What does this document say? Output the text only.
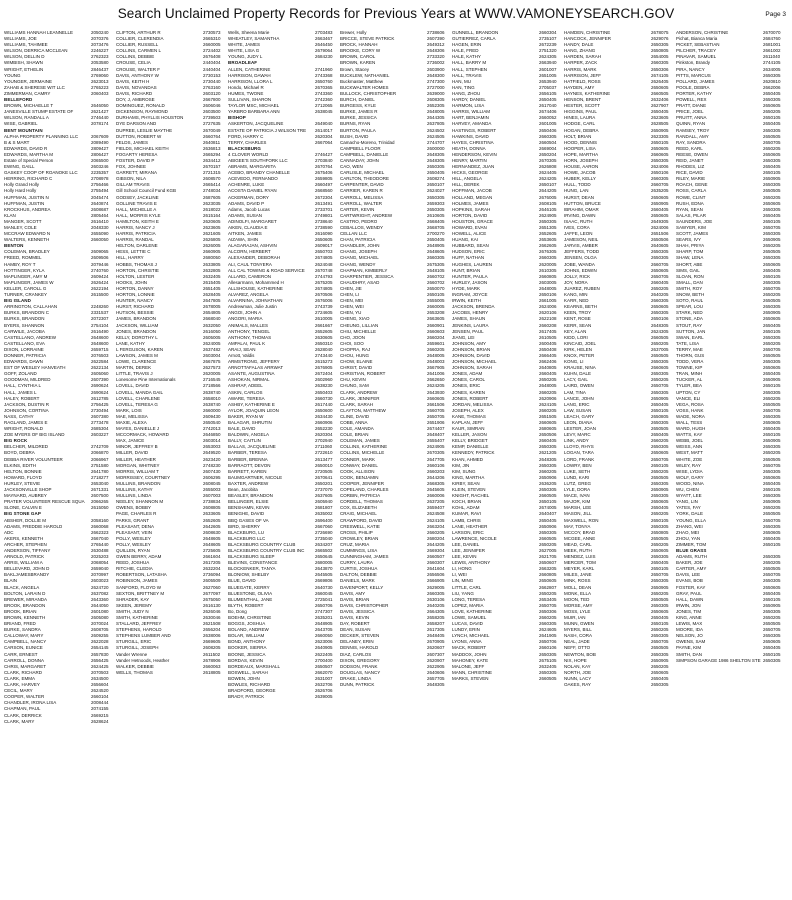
Search Unclaimed Property Records for Previous Years at WWW.VAMONEYSEARCH.GOV	Page 3
WILLIAMS HANNAH LEANNELLE	2050240
WILLIAMS, JOE	2070376
WILLIAMS, TAHIMEE	2073476
WILSON, DERRICA MCCLEAN	2246227
WILSON, DELLIN D	2762323
WIMBISH, SHAWN	2053580
WRIGHT, ETHELIN	2846437
YOUNG	2769060
YOUNGER, JERMAINE	2623013
ZAHAB & SHERESE WIT LLC	2765223
ZIMMERMAN, CAMRY	2060403
BELLEFORD
BROWN, MICHAELLE T	2646050
JANESVILLE STUMP ESTATE OF	2621427
WILSON, RANDALL A	2746440
WISE, GABRIEL	2078174
BENT MOUNTAIN
ALPHA PROPERTY PLANNING LLC	2067609
B & S MART	2089490
EDWARDS, DAVID R	2809427
EDWARDS, MARTHA M	2806427
Estate of Special Person	2065500
EWING, GAILL	2603246
GASKEY COOP OF ROANOKE LLC	2235357
HERRING, RICHARD C	2708978
Holly Grand Holly	2756466
Holly Hard Holly	2755494
HUFFMAN, JUSTIN N	2045474
HUFFMAN, JUSTIN	2640874
KROCKHUS, ANDREA	2608687
KLAN	2805464
MANGER, SCOTT	2616410
MANLEY, COLE	2048330
MCCRAW EDWARD N	2655090
WALTERS, KENNETH	2660050
BENTON
COLEMAN, BRADLEY	2609065
FREED, ROMMEL	2609506
HAMBY, ROY T	2079446
HOTTINGER, KYLA	2740760
MAPLINGER, AMY M	2609424
MAPLINGER, JAMES W	2626424
KELLER, CAROLL G	2622194
TURNER, CRANKEY	2615500
BIG ISLAND
ARRINGTON, CALLAHAN	2248260
BURKS, BRANDON C	2331537
BURKS, BRANDON	2072307
BYERS, SHANNON	2754104
CARWILE, JACOBA	2616490
CASTELLANO, ANDREW	2648600
CASTELLANO, EVA	2648600
DIXON, LORRAINE	2659715
DONNER, PATRICIA	2076503
EDWARDS, DAWN	2622584
EST OF WESLEY HANVEATH	2622134
GOFF, ZOLAND	2605060
GOODMAN, MILDRED	2607390
HALL, CYNTHIA L	2690624
HALL, JAMES L	2690624
HALEY, ROBERT	2612785
JACKSON, DUSTIN R	2756425
JOHNSON, CORTINA	2730494
NASS, CATHY	2607380
RAGLAND, JAMES E	2773478
WRIGHT, RONALD	2685304
ZOE MYERS OF BIG ISLAND	2603227
BIG ROCK
BELCHER, MILDRED	2742709
BOYD, DEBRA	2066870
DEBBA RIVER VOLUNTEER	2066967
ELKINS, EDITH	2751580
HELTON, BONNIE	2641780
HOWARD, FLOYD	2718277
HURLEY, STEVIE	2653040
JACKSONVILLE SHOP	2671331
MAYNARD, AUBREY	2607500
PRATER VOLUNTEER RESCUE SQUA	2066265
SLONE, CALVIN E	2615050
BIG STONE GAP
ABSHER, DOLLIE M	2058160
ADAMS, FREDDIE HAROLD	2660068
ADC	2662323
AKERS, KENNETH	2667040
ARCHER, STEPHEN	2765440
ANDERSON, TIFFANY	2630488
ARNOLD, PATRICK	2025203
ARRIS, WILLIAM A	2068054
BELLEVARD, JOHN D	2659040
BAKLJAMESBRANDY	2070997
BLAIN	2603023
BLACK, ANGELA	2624720
BOLTON, LARAIN D	2637082
BREWER, MIRANDA	2643360
BROOK, BRANDON	2644050
BROOK, BRIAN	2601080
BROWN, KENNETH	2605080
BRIAND, FRED	2070024
BURKE, SANDRA	2608705
CALLOWAY, MARY	2609255
CAMPBELL, NANCY	2622028
CARSON, EUNICE	2654145
CARR, ERNEST	2657830
CARROLL, DONNA	2656425
CHRIS, MARGARET	2624425
CLARK, RICHARD	2070503
CLARK, EMMA	2634500
CLARK, HARVEY	2656604
CECIL, MARY	2624520
COOPER, WALTER	2660104
CHANDLER, IRONA LISA	2008444
CHAPMAN, PAUL	2074155
CLARK, DERRICK	2669215
CLARK, MARY	2628624
CLIFTON, ARTHUR R	2730573
COLLIER, CLERENDIA	2665310
COLLIER, RUSSELL	2660005
COLLINS, CARMEN L	2724402
COLLINS, DEBBIE	2676408
CROUSE, CELIA	2440404
CROUSE, WALTER F	2440404
DAVIS, ANTHONY W	2730153
DAVIS, KEITH H	2730440
DAVIS, NOVANDAS	2763160
DAVIS, RICHARD	2603120
DOY, J, AMBROSE	2667800
DOMINGUEZ, RONALD	2606046
DICKENSON, RAYMOND	2603500
DURHAMS, PHYLLIS HOUSTON	2739503
DYE DARSON AND	2727635
DUPREE, LESLIE MAYTHE	2670049
DUTTON, ROBERT W	2660764
FELDS, JAMES	2640811
FIELDS, MICHAEL KEITH	2636813
FOGARTY HERESA	2665294
FOSTER, DAVID P	2634412
FOX, JOHNEE	2670157
GARRETT, MIRANA	2721315
GIBSON, NILA	2608570
GILLAM TRAVIS	2665414
Gill School Council Fund KGB	2748034
GODSEY, JACKLINE	2687605
GOLLINE TRAVIS E	2623035
HALL, MICHELLE A	2618022
HALL, MORRIS KYLE	2615164
HAMILTON, KEITH E	2620605
HARRIS, NANCY J	2623605
HARRIS, PATRICIA	2621605
HARRIS, RANDAL	2626805
HELTON, DARLENE	2626005
HESS, LETTIE C	2660905
HILL, HARRY	2680050
HOBBS, THOMAS J	2633805
HORTON, CHRISTIE	2632805
HOLTON, LESTER	2632405
HOOKS, JOHN	2615405
HORTON, DANNY	2651405
HORTON, LONNIE	2628405
HUNTER, NANCY	2647805
HURST, RICHARD	2678005
HUTSON, BESSIE	2654805
JAMES, BRANDON	2668040
JACKSON, WILLIAM	2632050
JONES, BRANDON	2616050
KELLY, DOROTHY L	2605005
LANE, KATHY	2624005
L FERGUSON, KAREN	2637482
LAWSON, JAMES M	2603004
LOWE, CLARENCE	2667875
MARTIN, DEREK	2627573
LITTLE, TRAVIS J	2620005
Lonesome Pine Internationals	2716545
LOVELL, DAVID	2718566
LOVELL, MANDA GAIL	2638740
LOVELL, CHARLENE	2658010
LOVELL, TERESA G	2638740
MARK, LOIS	2660000
MAE, MELISSA	2609430
MAXIE, ALEXA	2650540
MAYES, DANIELLE J	2742013
MCCORMACK, HOWARD	2646850
MAX, JANICE	2603014
MINOR, JEFFREY B	2653003
MILLER, DAVID	2649520
MILLER, HEATHER	2623420
MORGAN, WHITNEY	2748230
MORRIS, WILLIAM T	2607430
MORRISSEY, COURTNEY	2606295
MULLINS, BRANDON	2608045
MULLINS, KATHY	2655003
MULLINS, LINDA	2607003
NEELEY, SHANNON M	2738834
OWENS, BOBBY	2608805
PAGE, CHARLES R	2633605
PARKS, GRANT	2652605
PLEASANT, DENA	2642605
PLEASANT, VEIN	2608630
POLLY, WESLEY	2648605
POLLY, WESLEY	2648605
QUILLEN, RYAN	2725605
GWEN BERRY, ADAM	2661604
REED, JOSHUA	2617205
RITCHIE, CLEDIA	2632204
ROBERTSON, LATASHA	2736094
ROBINSON, JAMES	2605509
SANFORD, FLOYD W	2627060
SEXTON, BRITTNEY M	2677097
SHRADER, KAY	2675050
SKEEN, JEREMY	2616130
SMITH, JUDY N	2626046
SMITH, KATHERINE	2630046
STALLARD, JEFFREY	2621508
STEPHENS, HAROLD	2656204
STEPHENS LUMBER AND	2638006
STURGILL, ERIC	2669605
STURGILL, JOSEPH	2608205
Vander Wrenne	2611502
Vander Hetnoods, Heather	2678906
WALKER, DEBBIE	2660063
WELLS, THOMAS	2618805
Wells, Sheena Marie	2703483
WHEATLEY, SAMANTHA	2663467
WHITE, JAMES	2646450
WHITE, LISA G	2679064
YOUNG, JUDY L	2684230
BROADLEAF
ALLEN, CATHERINE	2741960
HARRISON, DAWAH	2743368
HARRISON, LLORA L	2650760
Hondo, Michael R	2670365
HUMES, TWONE	2743360
SULLIVAN, SHARON	2742360
TAYLOR MSC, MICHAEL	2712065
YARBRO BARBARA ANN	2638045
BISHOP
ASKERTON, JACQUELINE	2649040
ESTATE OF PATRICIA J WILSON TRE	2614017
FORD, HARRY C	2620304
TERRY, CHARLES	2667064
BLACKSBURG
4 CLOVER WORLD	2746427
ABIGEE'S SOUTHFORK LLC	2703840
ABRAMS, MARGARITA	2670764
ACEBO, BRANDY CHANELLE	2675406
ACEVEDO, FERNANDO	2659805
ACHENRE, LUKE	2660497
ACOSTA DANIEL RYAN	2668560
ACKERMAN, DORY	2672304
ADAMS, DAVID P	2613491
Adams, Jacob Lucas	2733701
ADAMS, SUSAN	2749801
ADINOLFI, MARGARET	2738640
AIKEN, CLAUDIA E	2738590
AITKEN, JAMES	2616090
AIZAWA, SHIN	2650605
ALAGARAJAN, ASHVIN	2609017
ALCORN, HERBERT	2650703
ALEXANDER, DEBORAH	2674805
ALI, CAUL TONYERA	2624048
ALL CAL TOWING & ROAD SERVICE	2670748
ALLARD, CAMERON	2744793
Allesarmann, Mohammed H	2675205
ALLSHOUSE, KATHERINE	2674805
ALVAREZ, ANGELA	2670506
ALVARNINA, JOHNATHAN	2676006
Andrewman, Julie Justin	2743739
ANGOI, JOHN A	2724605
ANGORI, MARIA	2610005
ANIMALS, MALLES	2661667
ANTHONY, TENGEL	2652605
ANTHONY, THOMAS	2630605
AMPALAI, PAUL K	2650310
ARAIJ, SEAN	2628040
Arnott, Valdis	2743440
ARMSTRONG, JEFFERY	2615273
ARNOTTAFALAS ARRWAT	2676905
ASANTE, AUGUSTINA	2672404
ASHOKAN, NIRMAL	2602960
ASHRAF, ADEEL	2638230
ASKIN, CARLOS	2650403
AWARE, TERESA	2660730
ASHBY, KATHERINE E	2617440
AYLOR, JOAQUIN LEON	2650600
BAKER, RYAN W	2634430
BALAGAR, SHRUTIN	2660906
BALE, DAVID	2652230
BALDWIN, ANGELA	2620304
BALLY, CAITLIN	2702940
BALLAS, JACQUELINE	2711060
BARBER, TERESA	2722610
BARBER, BRENNA	2613477
BARRAOTT, DEVON	2650010
BARRETT, KAREN	2720505
BAUMGARTNER, NICOLE	2670641
BAXTER, ANDREW	2650201
Bean, Jacobita	2737070
BEASLEY, BRANDON	2637605
BELLINGER, ELSIE	2605940
BENSHAMN, KEVIN	2681807
BENIGHE, DAVID	2635002
BBQ GASES OF VA	2696400
BIRD, SHERRY	2667060
BLACKBURG, LU	2726690
BLACKBURG LLC	2735040
BLACKSBURG COUNTRY CLUB	2634207
BLACKSBURG COUNTRY CLUB INC	2665502
BLACKSBURG SLEEP	2650645
BLEVINS, CONSTANCE	2680005
BLOCKENKER, TANYA	2643870
BLONIOW, SHELBY	2645505
BLUE, DAVID	2669806
BLUEGATE, KERRY	2640730
BLUESTONE, OLIVIA	2660045
BLUMENTHAL, JANE	2725041
BLYTH, ROBERT	2650706
Bo, Dong	2747307
BOEHM, CHRISTINE	2635201
BOGGS, JOSHUA	2648905
BOLAND, ANDREW	2643705
BOLAR, WILLIAM	2660050
BOND, ANTHONY	2623006
BOOKER, SIERRA	2640905
BOONE, JESSICA	2622405
BORDAS, KEVIN	2700400
BORDEAUX, MARSHALL	2650507
BOSWELL, SARAH	2662070
BOWEN, JOHN	2631007
BOWLES, RICHARD	2632706
BRADFORD, GEORGE	2626706
BRADY, PATRICK	2639005
Brewer, Holly	2738606
BRICCE, STEVE PATRICK	2607390
BROCK, HANNAH	2649312
BROOKE, CORY W	2648306
BROWN, CAROL	2733320
BROWN, KAREN	2736002
Brown, Stacey	2603900
BUCKLEW, NATHANIEL	2648300
Buckmaster, Matthew	2747300
BUCKWALTER HOMES	2727000
BULLOCK, CHRISTOPHER	2639000
BURCH, DANIEL	2608305
BURGESS, KYLE	2652305
BURKE, JAMES R	2648005
BURKE, JESSICA	2644305
BURNS, RYAN	2637805
BURTON, PAULA	2624502
BUSH, DAVID	2624505
Camacho-Moreno, Trinidad	2744707
CAMPBELL FLOOR	2600000
CAMPBELL, DANIELLE	2648305
CANNADAY, JOHN	2648305
CAO, WEN	2650305
CARLISLE, MICHAEL	2650405
CARLTON, THEODORE	2608274
CARPENTER, DAVID	2650107
CARRIER, KAREN R	2624027
CARROLL, MELISSA	2650305
CARROLL, WALTER	2659303
CARTER, KEVIN	2650305
CARTWRIGHT, ANDREW	2610605
CASTRO, PEDRO	2668405
CEBALLOS, WENDY	2668705
CELLAN LLC	2700270
CHAN, PATRICIA	2650405
CHANDLER, JOHN	2648905
CHANG, JOSEPH	2648605
CHANG, MICHAEL	2660305
CHANG, WENDY	2675305
CHAPMAN, KIMBERLY	2648105
CHARPENTIER, JESSICA	2660702
CHAUDHRY, ASAD	2660702
CHEN, JIE	2650070
CHEN, LI	2650105
CHEN, MEI	2655005
CHEN, WEI	2660005
CHEN, YU	2653208
CHENG, XIAO	2663605
CHEUNG, LILLIAN	2660901
CHIU, MICHELLE	2660603
CHO, JOON	2660204
CHOI, SOO	2659601
CHOPRA, RAJ	2660205
CHOU, HUNG	2648005
CHOW, ELAINE	2648003
CHRIST, DAVID	2667905
CHRISTIAN, ROBERT	2641006
CHU, KEVIN	2662650
CHUNG, SAM	2624205
CLARK, ANDREW	2643930
CLARK, JENNIFER	2660605
CLARK, SARAH	2661506
CLAYTON, MATTHEW	2660705
CLINE, DAVID	2650705
COBB, ANNA	2651906
COLE, AMANDA	2674407
COLE, BRIAN	2648407
COLEMAN, JAMES	2655407
COLLINS, KATHERINE	2624905
COLLINS, MICHELLE	2670305
CONNER, MARK	2647705
CONWAY, DANIEL	2660106
COOK, ALLISON	2660203
COOK, BENJAMIN	2644206
COOPER, JENNIFER	2668305
COPELAND, CHARLES	2645605
CORBIN, PATRICIA	2660006
CORDELL, THOMAS	2637205
COX, ELIZABETH	2659407
CRAIG, MICHAEL	2624508
CRAWFORD, DAVID	2624105
CRESWELL, KATIE	2663204
CROSS, PHILIP	2660205
CROWLEY, BRIAN	2680204
CRUZ, MARIA	2644205
CUMMINGS, LISA	2669304
CUNNINGHAM, JAMES	2660507
CURRY, LAURA	2660307
CURTIS, JOSHUA	2641604
DALTON, DEBBIE	2656506
DANIELS, MARK	2666905
DAVENPORT, KELLY	2629005
DAVIS, AMY	2660305
DAVIS, BRIAN	2630106
DAVIS, CHRISTOPHER	2640205
DAVIS, JESSICA	2664305
DAVIS, KEVIN	2658205
DAY, ROBERT	2658207
DEAN, SUSAN	2617305
DECKER, STEVEN	2648405
DELANEY, ERIN	2670905
DENNIS, HAROLD	2620607
DIAZ, CARLOS	2607307
DIXON, GREGORY	2620907
DODSON, FRANK	2622905
DOUGLAS, NANCY	2640606
DRAKE, LINDA	2657705
DUNN, PATRICK	2648305
GUNNELL, BRANDON	2660304
GUTIERREZ, CARLA	2735107
HAGEN, ERIN	2672239
HALE, FRED	2751320
HALE, KATHY	2624305
HALL, BARRY M	2663940
HALL, STEPHEN	2601007
HALL, TRAVIS	2651005
HAN, MU	2653940
HAN, TING	2705037
HANG, ZHOU	2656105
HARDY, DANIEL	2650405
HARMON, LISA	2617040
HARRIS, WILLIAM	2674406
HART, BENJAMIN	2660052
HARVEY, AMANDA	2601005
HASTINGS, ROBERT	2650406
HAWKINS, DAVID	2660305
HAYES, CHRISTINA	2660504
HEATH, DONNA	2669004
HENDERSON, KEVIN	2650204
HENRY, MARTIN	2670305
HERNANDEZ, JUAN	2626808
HICKS, GEORGE	2624405
HILL, ANGELA	2624205
HILL, DEREK	2650107
HOFFMAN, JACOB	2644205
HOLLAND, MEGAN	2676005
HOLMES, JAMES	2608105
HOPKINS, SARAH	2646105
HORTON, DAVID	2624905
HOUSTON, GRACE	2650305
HOWARD, EVAN	2651305
HOWELL, ALICE	2652605
HUANG, KAI	2653605
HUBBARD, SEAN	2662605
HUDSON, ERIC	2676305
HUFF, NATHAN	2660305
HUGHES, LAUREN	2620005
HUNT, BRIAN	2610305
HUNTER, PAULA	2660805
HURLEY, JASON	2603005
HYDE, MARK	2648005
INGRAM, JOYCE	2650106
IRWIN, KEITH	2661005
JACKSON, BRENDA	2624006
JACOBS, HENRY	2620106
JAMES, SHAUN	2622108
JENKINS, LAURA	2660208
JENSEN, PAUL	2617405
JIANG, LEI	2610505
JOHNSON, AMY	2600405
JOHNSON, BRIAN	2650408
JOHNSON, DAVID	2666405
JOHNSON, MICHAEL	2662406
JOHNSON, SARAH	2640805
JONES, ADAM	2660405
JONES, CAROL	2650205
JONES, ERIC	2648005
JONES, KAREN	2660205
JONES, ROBERT	2620906
JORDAN, MELISSA	2624105
JOSEPH, ALEX	2660205
KANE, THOMAS	2651505
KAPLAN, JEFF	2660605
KAUR, SIMRAN	2680605
KELLER, JASON	2650506
KELLY, BRIDGET	2660405
KEMP, DANIELLE	2650305
KENNEDY, PATRICK	2621205
KHAN, AHMED	2648305
KIM, JIN	2650305
KIM, SUNG	2660205
KING, MARTHA	2650906
KIRBY, SEAN	2636205
KLEIN, STEVEN	2650305
KNIGHT, RACHEL	2660505
KOCH, BRIAN	2650105
KOHL, ADAM	2674005
KUMAR, RAVI	2640407
LAMB, CHRIS	2650405
LANE, HEATHER	2650906
LARSON, ERIC	2650305
LAWRENCE, NICOLE	2660505
LEE, DANIEL	2650205
LEE, JENNIFER	2627005
LEE, KEVIN	2621705
LEWIS, ANTHONY	2650607
LI, HONG	2663205
LI, WEI	2660805
LIN, MING	2650605
LITTLE, CARL	2662807
LIU, YANG	2650205
LONG, TERESA	2653405
LOPEZ, MARIA	2650705
LOVE, KATHERINE	2650306
LOWE, SAMUEL	2660205
LUCAS, DAVID	2660305
LUNDY, ERIN	2624605
LYNCH, MICHAEL	2641905
LYONS, ANNA	2650706
MACK, ROBERT	2660106
MADDOX, JOHN	2650305
MAHONEY, KATE	2675105
MALONE, JEFF	2632405
MANN, CHRISTINE	2650305
MARKS, STEVEN	2660505
HAMDEN, CHRISTINE	2678075
HANCOCK, JENNIFER	2629076
HANDY, DALE	2650305
HANG, ZHANG	2650805
HARDEN, SARAH	2654005
HARPER, ZACK	2660305
HARRIS, MARK	2650306
HARRISON, JEFF	2674105
HATFIELD, ROSS	2626405
HAYDEN, AMY	2650605
HAYNES, KATHERINE	2660505
HENSON, BRENT	2632406
HESTER, SCOTT	2627907
HIGGINS, PAUL	2650405
HINES, LAURA	2623605
HODGE, CARL	2628505
HOGAN, DEBRA	2650905
HOLT, BRIAN	2623305
HOOD, DENNIS	2650105
HOOPER, LISA	2650605
HOPE, MARTHA	2660605
HORN, JOSEPH	2650305
HOUSE, AARON	2624006
HOWE, JACOB	2650106
HUBER, KELLY	2660305
HULL, TODD	2660705
HUNG, LAN	2635205
HURST, DEAN	2650605
HUTTON, BRUCE	2650905
IBRAHIM, OMAR	2660405
IRVING, DAWN	2650605
ISAAC, RUTH	2649305
IVES, CORA	2624006
JAFFE, LEON	2651506
JAMESON, NEIL	2650506
JARVIS, AMBER	2640605
JEFFERS, TODD	2650305
JENSEN, OLGA	2650305
JOBE, WANDA	2660705
JOHNS, EDWIN	2650605
JOLLY, RICK	2650705
JOY, NORA	2660405
JUAREZ, RUBEN	2650205
KANG, MIN	2640205
KARR, NED	2660305
KEARNS, BETH	2650605
KEEN, TROY	2650305
KENT, ROSE	2650106
KERR, SEAN	2648305
KEY, ALAN	2624305
KIDD, LORI	2660505
KINCAID, JOEL	2650205
KIRK, HELEN	2637005
KNOX, PETER	2650505
KONG, LI	2650305
KRAUSE, NINA	2660605
KUHN, DALE	2650305
LACY, GAIL	2650205
LAIRD, OWEN	2650705
LAM, TINA	2650305
LANCE, JOHN	2650905
LANG, ERIC	2650405
LAW, SUSAN	2650105
LEACH, GARY	2650805
LEON, DIANA	2650305
LESTER, JOAN	2650505
LEVY, MARC	2650405
LINK, ANDY	2660205
LLOYD, RHYS	2650305
LOGAN, TARA	2650605
LORD, FRANK	2650705
LOWRY, BEN	2650105
LUKE, SETH	2650205
LUND, KARI	2650505
LUTZ, GREG	2650305
LYLE, DORA	2650905
MACE, IVAN	2650305
MAJOR, KIM	2650605
MARSH, LEE	2650405
MASON, JILL	2650205
MAXWELL, RON	2650105
MAY, TONYA	2650305
MCCOY, BRAD	2650805
MCGEE, ANNE	2650505
MEAD, CARL	2650205
MEEK, RUTH	2650605
MENDEZ, LUIS	2650305
MERCER, TOM	2650405
MEYER, KARL	2650105
MILES, JANE	2650705
MINK, ROSS	2650305
MOLL, DEAN	2650905
MONK, ELLA	2650205
MOON, TED	2650505
MORSE, AMY	2650305
MOSS, LYLE	2650605
MUIR, IAN	2650405
MUNN, GWEN	2650105
MYERS, BILL	2650205
NASH, CORA	2650305
NEAL, JADE	2650705
NEFF, OTTO	2650505
NEWTON, BOB	2650305
NIX, HOPE	2650905
NOLAN, KAY	2650205
NORTH, JOE	2650605
NUNN, LACY	2650405
OAKES, RAY	2650305
ANDERSON, CHRISTINE	2670070
Pichat, Bianca Maria	2684760
PICKET, SEBASTIAN	2681001
PILCHER, TRACEY	2661002
PINAVAR, SAMUEL	2611040
Pinkston, Brandy	2744105
PIRA, NANCY	2634005
PITTS, MARCUS	2650305
POLLARD, JAMES	2620810
POOLE, DEBRA	2662006
PORTER, KATHY	2650405
POWELL, REX	2650305
PRATT, DIANE	2650605
PRICE, JOEL	2650205
PRUITT, ANNA	2650105
QUINN, RYAN	2650405
RAMSEY, TROY	2650305
RANDALL, AMY	2650505
RAY, SANDRA	2650705
REED, KARL	2650205
REESE, OWEN	2650605
REID, JANET	2650305
RHODES, LIZ	2650405
RICE, DAVID	2650105
RILEY, MARIE	2650905
ROACH, GENE	2650305
ROSS, CARLA	2650505
ROWE, CLINT	2650205
RUSH, EDNA	2650605
RYAN, SEAN	2650305
SALAS, PILAR	2650405
SAUNDERS, JOE	2650105
SAWYER, KIM	2650705
SCOTT, JAMES	2650305
SEARS, IVY	2650905
SHAH, PRIYA	2650205
SHARP, TOM	2650505
SHAW, LENA	2650305
SHORT, ABE	2650605
SIMS, GAIL	2650405
SLOAN, RON	2650105
SMALL, DAN	2650305
SMITH, ROY	2650705
SNOW, BETH	2650205
SOTO, RAUL	2650505
SPEAR, LOU	2650305
STARK, NED	2650905
STONE, ADA	2650605
STOUT, RAY	2650405
SUTTON, JAN	2650105
SWAN, EARL	2650305
TATE, LISA	2650205
TERRY, MAE	2650705
THORN, GUS	2650505
TODD, VERA	2650305
TOWNE, KIP	2650605
TRAN, MINH	2650405
TUCKER, AL	2650905
TYLER, BEA	2650105
UPTON, CY	2650305
VANCE, ELI	2650205
VEGA, ROSA	2650505
VOSS, HANK	2650705
WADE, NORA	2650305
WALL, TESS	2650605
WARD, HUGH	2650405
WATTS, KAY	2650105
WEBB, JOEL	2650905
WEISS, ANN	2650305
WEST, MATT	2650205
WHITE, ZOE	2650505
WILEY, RAY	2650705
WISE, LYDIA	2650305
WOLF, GARY	2650605
WOOD, NINA	2650405
WU, CHEN	2650105
WYATT, LEE	2650305
YANG, LIN	2650905
YATES, FAY	2650205
YORK, DALE	2650505
YOUNG, ELLA	2650705
ZHANG, WEI	2650305
ZHAO, MEI	2650605
ZHOU, YAN	2650405
ZIMMER, TOM	2650105
BLUE GRASS
ADAMS, RUTH	2650305
BAKER, JOE	2650205
CARTER, AMY	2650505
DAVIS, LEE	2650705
EVANS, BOB	2650305
FOSTER, KAY	2650605
GRAY, PAUL	2650405
HALL, DAWN	2650105
IRWIN, JON	2650905
JONES, TIM	2650305
KING, ANNE	2650205
LEWIS, MAX	2650505
MOORE, IDA	2650705
NELSON, JO	2650305
OWENS, SAM	2650605
PAYNE, KIM	2650405
SMITH, DAN	2650105
SIMPSON GARAGE 1986 SHELTON STE 2650305
